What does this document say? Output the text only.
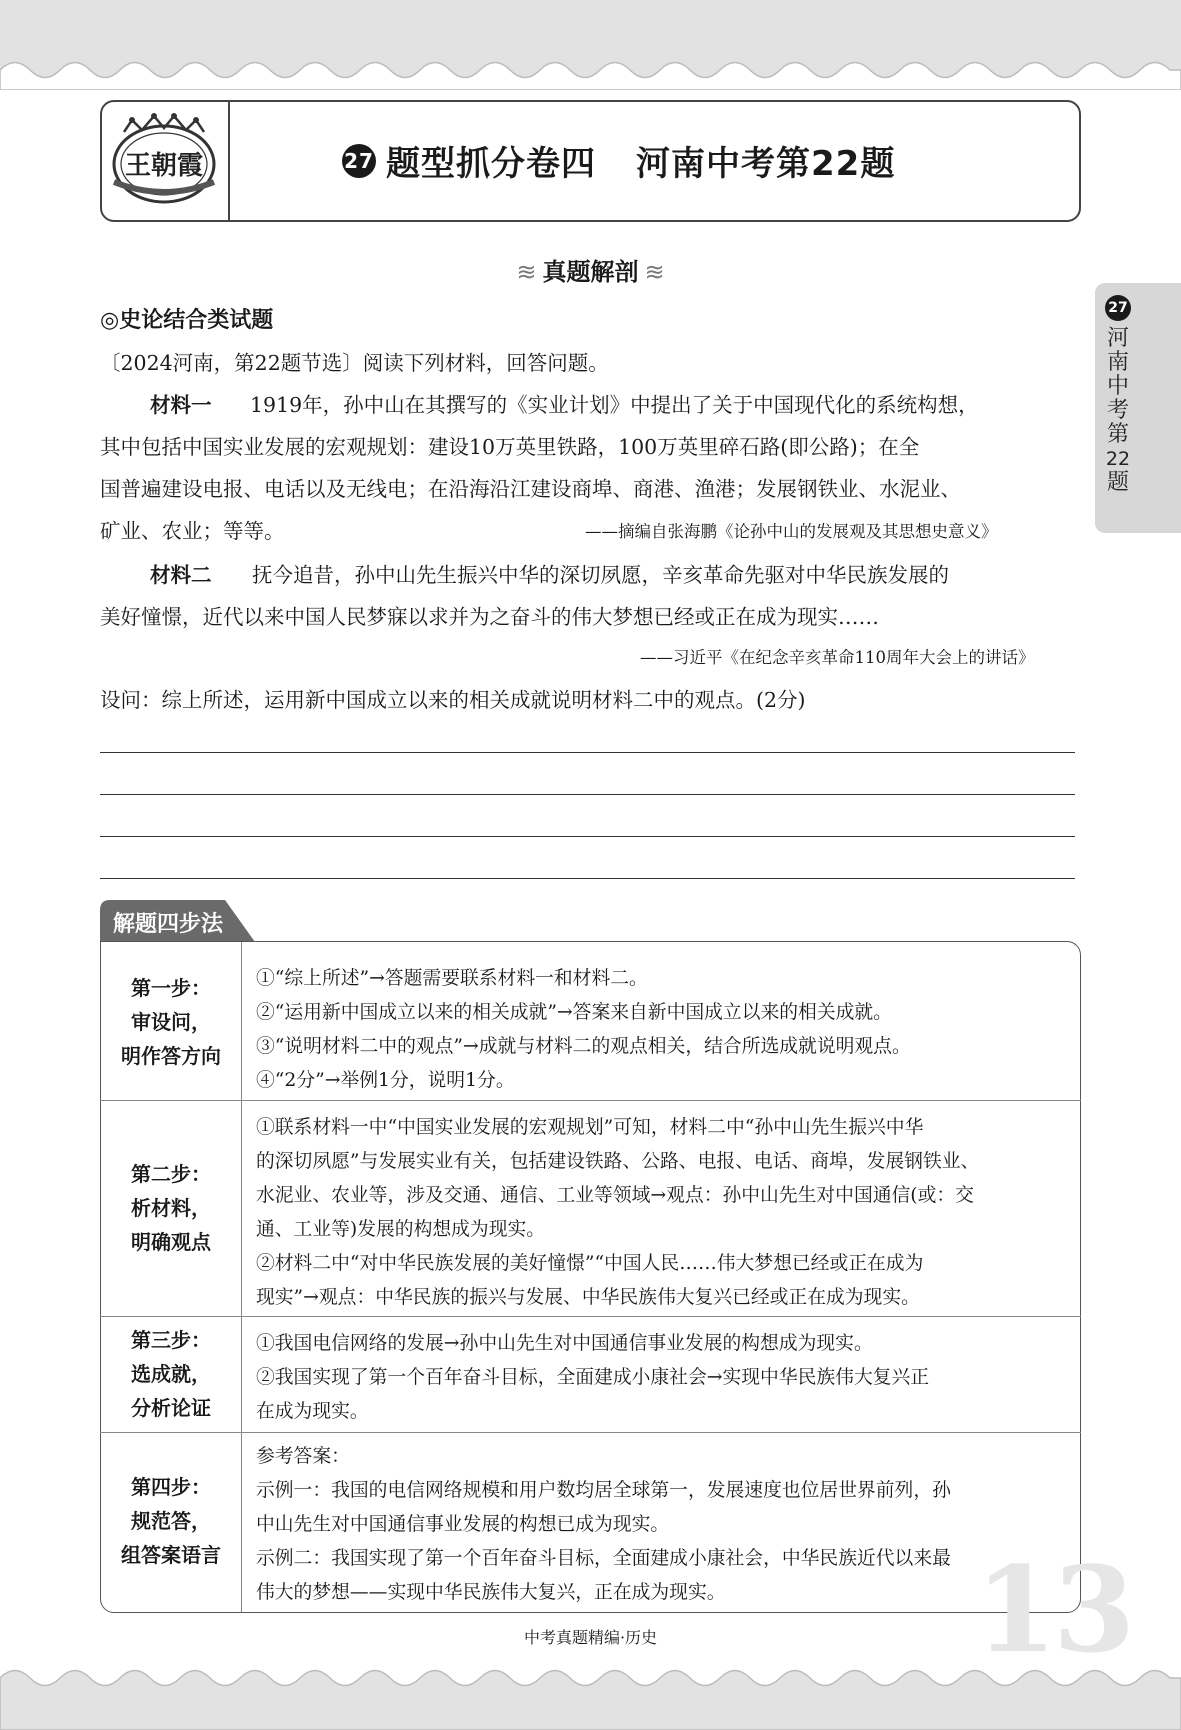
王朝霞	27 题型抓分卷四 河南中考第22题
27
河
南
中
考
第
22
题
≋ 真题解剖 ≋
◎史论结合类试题
〔2024河南，第22题节选〕阅读下列材料，回答问题。
材料一 1919年，孙中山在其撰写的《实业计划》中提出了关于中国现代化的系统构想，
其中包括中国实业发展的宏观规划：建设10万英里铁路，100万英里碎石路(即公路)；在全
国普遍建设电报、电话以及无线电；在沿海沿江建设商埠、商港、渔港；发展钢铁业、水泥业、
矿业、农业；等等。	——摘编自张海鹏《论孙中山的发展观及其思想史意义》
材料二 抚今追昔，孙中山先生振兴中华的深切夙愿，辛亥革命先驱对中华民族发展的
美好憧憬，近代以来中国人民梦寐以求并为之奋斗的伟大梦想已经或正在成为现实……
——习近平《在纪念辛亥革命110周年大会上的讲话》
设问：综上所述，运用新中国成立以来的相关成就说明材料二中的观点。(2分)
解题四步法
第一步：
审设问，
明作答方向
①“综上所述”→答题需要联系材料一和材料二。
②“运用新中国成立以来的相关成就”→答案来自新中国成立以来的相关成就。
③“说明材料二中的观点”→成就与材料二的观点相关，结合所选成就说明观点。
④“2分”→举例1分，说明1分。
第二步：
析材料，
明确观点
①联系材料一中“中国实业发展的宏观规划”可知，材料二中“孙中山先生振兴中华
的深切夙愿”与发展实业有关，包括建设铁路、公路、电报、电话、商埠，发展钢铁业、
水泥业、农业等，涉及交通、通信、工业等领域→观点：孙中山先生对中国通信(或：交
通、工业等)发展的构想成为现实。
②材料二中“对中华民族发展的美好憧憬”“中国人民……伟大梦想已经或正在成为
现实”→观点：中华民族的振兴与发展、中华民族伟大复兴已经或正在成为现实。
第三步：
选成就，
分析论证
①我国电信网络的发展→孙中山先生对中国通信事业发展的构想成为现实。
②我国实现了第一个百年奋斗目标，全面建成小康社会→实现中华民族伟大复兴正
在成为现实。
第四步：
规范答，
组答案语言
参考答案：
示例一：我国的电信网络规模和用户数均居全球第一，发展速度也位居世界前列，孙
中山先生对中国通信事业发展的构想已成为现实。
示例二：我国实现了第一个百年奋斗目标，全面建成小康社会，中华民族近代以来最
伟大的梦想——实现中华民族伟大复兴，正在成为现实。 13
中考真题精编·历史
